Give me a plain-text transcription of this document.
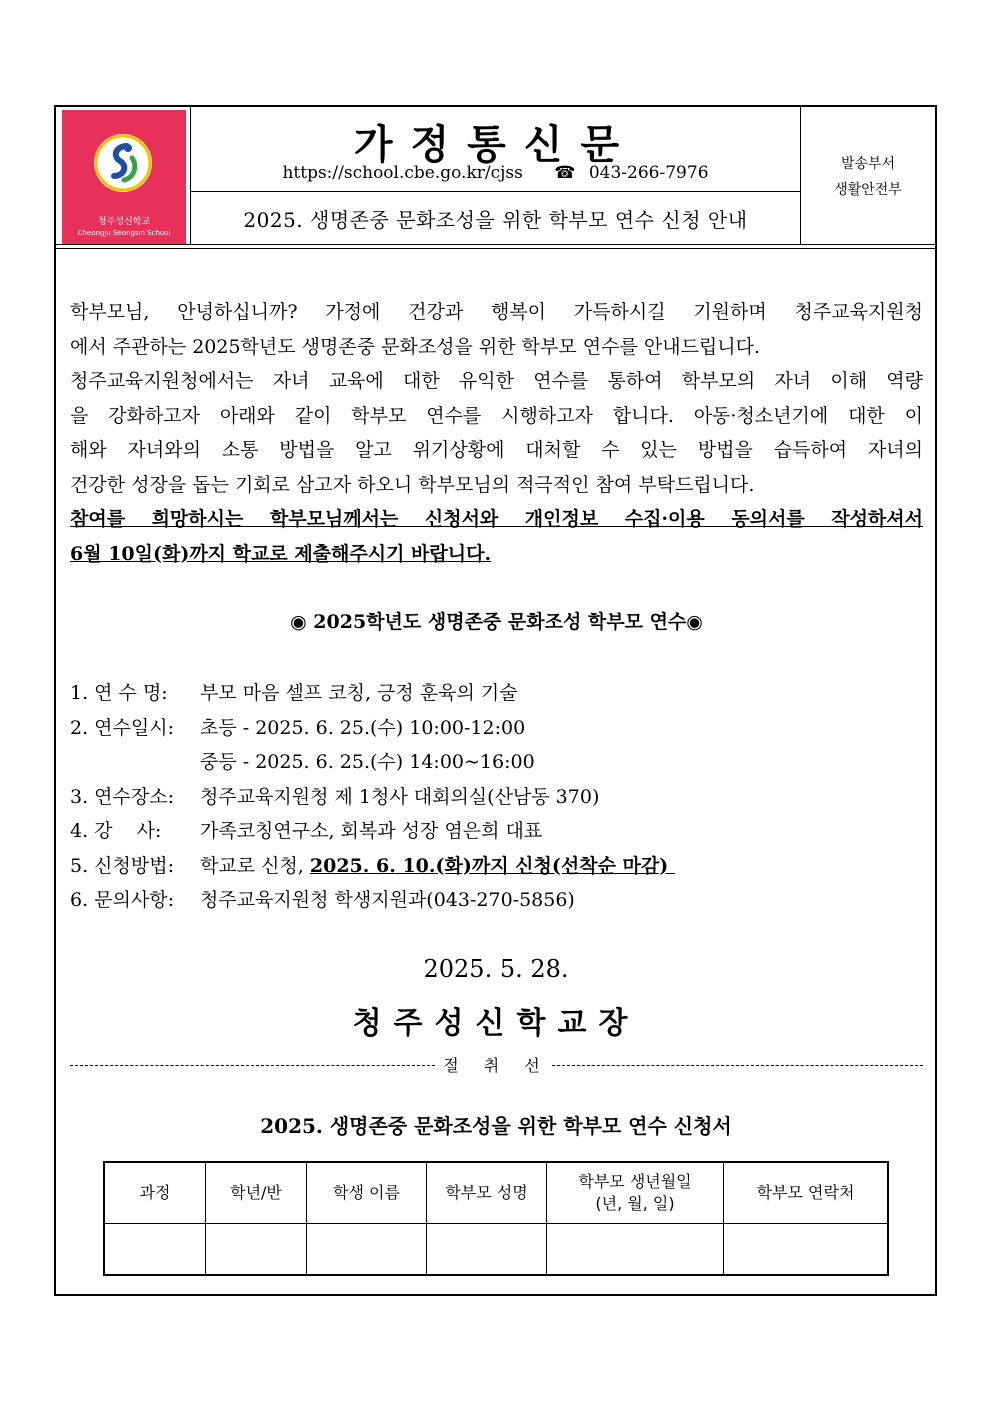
청주성신학교
Cheongju Seongsin School
가정통신문
https://school.cbe.go.kr/cjss ☎ 043-266-7976
2025. 생명존중 문화조성을 위한 학부모 연수 신청 안내
발송부서
생활안전부
학부모님, 안녕하십니까? 가정에 건강과 행복이 가득하시길 기원하며 청주교육지원청
에서 주관하는 2025학년도 생명존중 문화조성을 위한 학부모 연수를 안내드립니다.
청주교육지원청에서는 자녀 교육에 대한 유익한 연수를 통하여 학부모의 자녀 이해 역량
을 강화하고자 아래와 같이 학부모 연수를 시행하고자 합니다. 아동·청소년기에 대한 이
해와 자녀와의 소통 방법을 알고 위기상황에 대처할 수 있는 방법을 습득하여 자녀의
건강한 성장을 돕는 기회로 삼고자 하오니 학부모님의 적극적인 참여 부탁드립니다.
참여를 희망하시는 학부모님께서는 신청서와 개인정보 수집·이용 동의서를 작성하셔서
6월 10일(화)까지 학교로 제출해주시기 바랍니다.
◉ 2025학년도 생명존중 문화조성 학부모 연수◉
1. 연 수 명: 부모 마음 셀프 코칭, 긍정 훈육의 기술
2. 연수일시: 초등 - 2025. 6. 25.(수) 10:00-12:00
중등 - 2025. 6. 25.(수) 14:00~16:00
3. 연수장소: 청주교육지원청 제 1청사 대회의실(산남동 370)
4. 강    사: 가족코칭연구소, 회복과 성장 염은희 대표
5. 신청방법: 학교로 신청, 2025. 6. 10.(화)까지 신청(선착순 마감)
6. 문의사항: 청주교육지원청 학생지원과(043-270-5856)
2025. 5. 28.
청주성신학교장
절 취 선
2025. 생명존중 문화조성을 위한 학부모 연수 신청서
과정	학년/반	학생 이름	학부모 성명	학부모 생년월일
(년, 월, 일)	학부모 연락처
